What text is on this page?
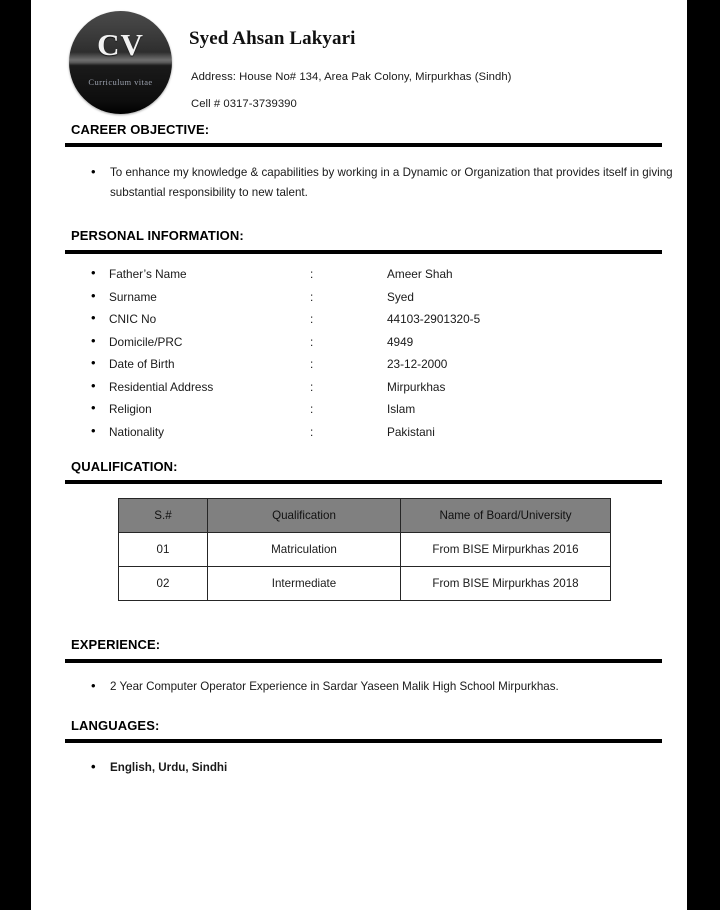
CV
Curriculum vitae
Syed Ahsan Lakyari
Address: House No# 134, Area Pak Colony, Mirpurkhas (Sindh)
Cell # 0317-3739390
CAREER OBJECTIVE:
• To enhance my knowledge & capabilities by working in a Dynamic or Organization that provides itself in giving substantial responsibility to new talent.
PERSONAL INFORMATION:
• Father’s Name	:	Ameer Shah
• Surname	:	Syed
• CNIC No	:	44103-2901320-5
• Domicile/PRC	:	4949
• Date of Birth	:	23-12-2000
• Residential Address	:	Mirpurkhas
• Religion	:	Islam
• Nationality	:	Pakistani
QUALIFICATION:
S.#	Qualification	Name of Board/University
01	Matriculation	From BISE Mirpurkhas 2016
02	Intermediate	From BISE Mirpurkhas 2018
EXPERIENCE:
• 2 Year Computer Operator Experience in Sardar Yaseen Malik High School Mirpurkhas.
LANGUAGES:
• English, Urdu, Sindhi
